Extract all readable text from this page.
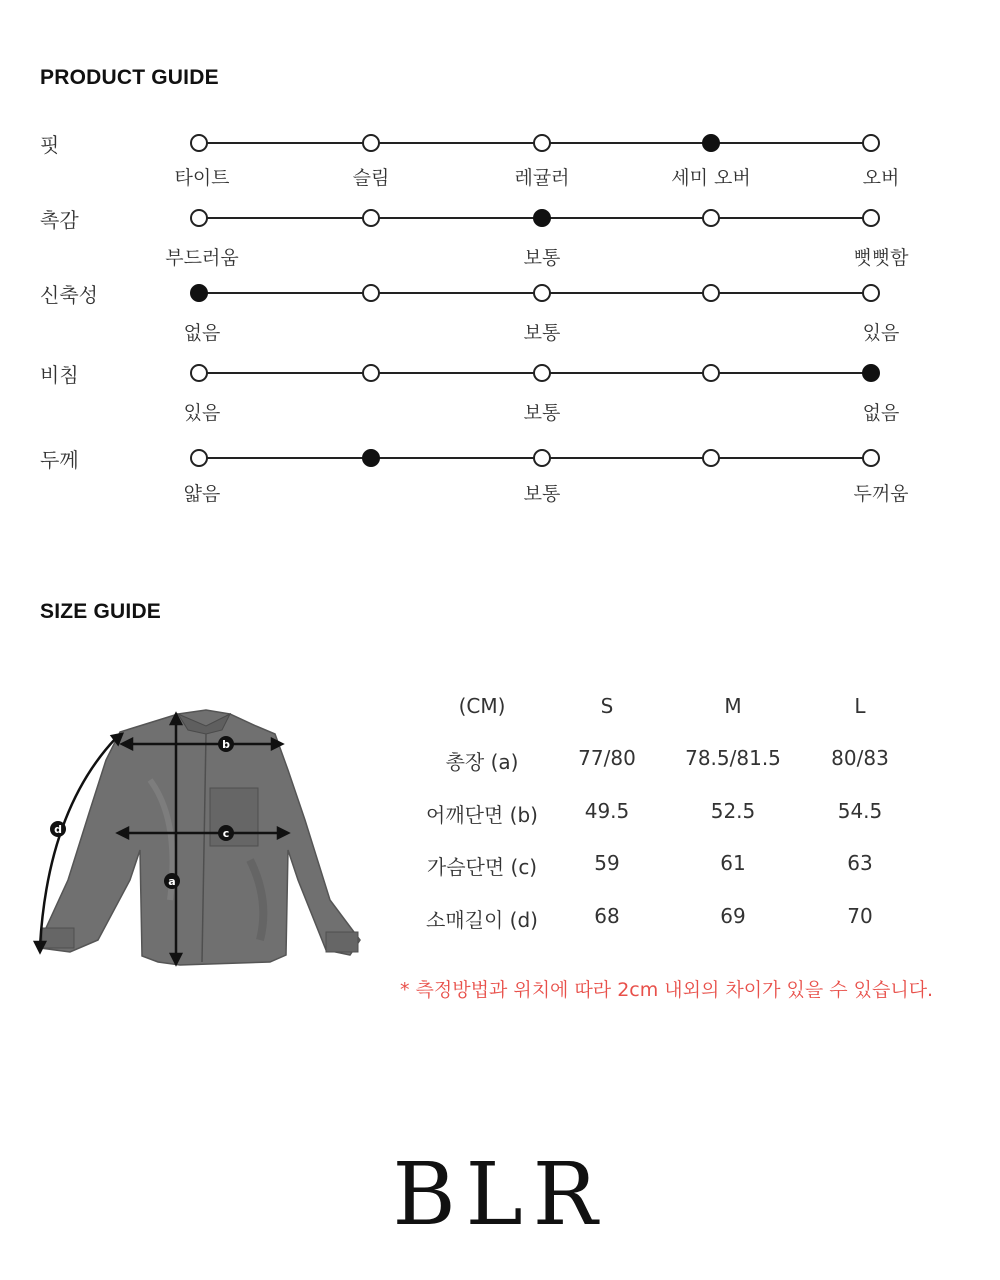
PRODUCT GUIDE
핏
타이트	슬림	레귤러	세미 오버	오버
촉감
부드러움	보통	뻣뻣함
신축성
없음	보통	있음
비침
있음	보통	없음
두께
얇음	보통	두꺼움
SIZE GUIDE
b
c
a
d
(CM)	S	M	L
총장 (a)	77/80 78.5/81.5	80/83
어깨단면 (b) 49.5	52.5	54.5
가슴단면 (c)	59	61	63
소매길이 (d)	68	69	70
* 측정방법과 위치에 따라 2cm 내외의 차이가 있을 수 있습니다.
BLR
